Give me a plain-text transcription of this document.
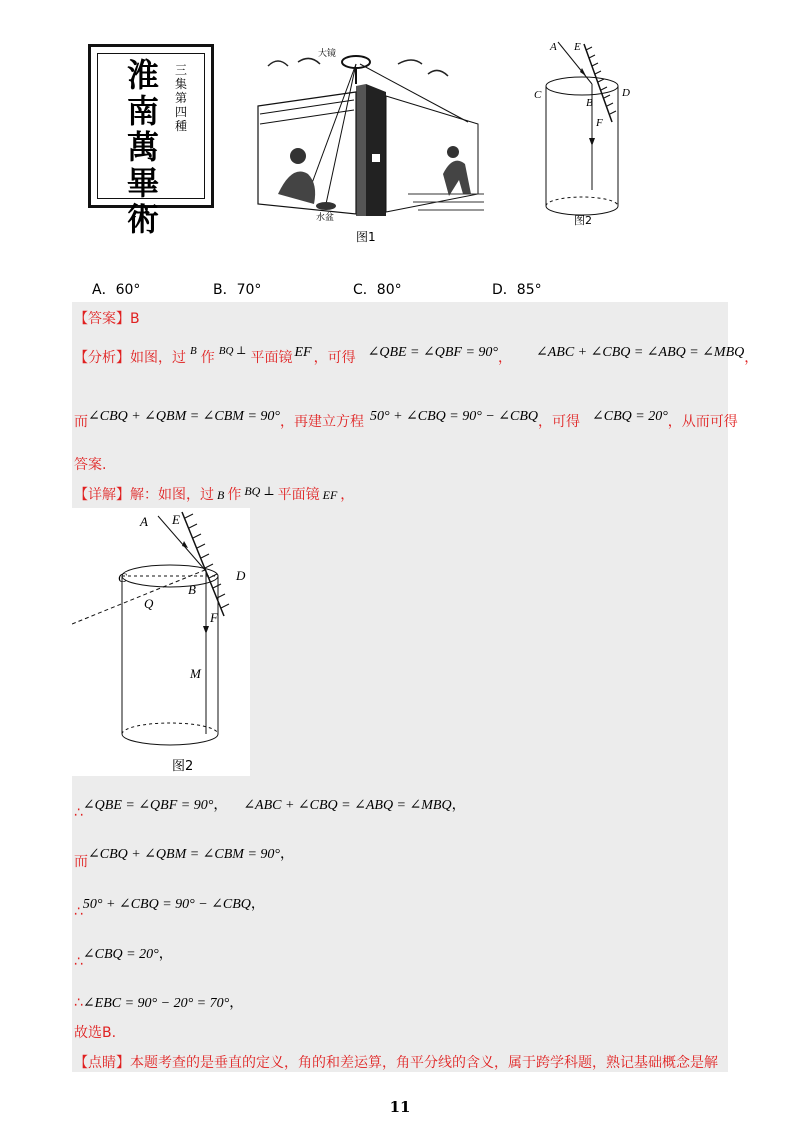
淮南萬畢術
三集第四種
大镜
水盆
图1
A E
C	D
B
F
图2
A．60°	B．70°	C．80°	D．85°
【答案】B
【分析】如图，过 $^B$ 作 $^{BQ \perp}$ 平面镜 EF ，可得 ∠QBE = ∠QBF = 90°， ∠ABC + ∠CBQ = ∠ABQ = ∠MBQ，
而∠CBQ + ∠QBM = ∠CBM = 90°，再建立方程 50° + ∠CBQ = 90° − ∠CBQ，可得 ∠CBQ = 20°，从而可得
答案.
【详解】解：如图，过 B 作 $^{BQ \perp}$ 平面镜 EF ，
A E
C	D
B
Q
F
M
图2
∴∠QBE = ∠QBF = 90°， ∠ABC + ∠CBQ = ∠ABQ = ∠MBQ，
而∠CBQ + ∠QBM = ∠CBM = 90°，
∴50° + ∠CBQ = 90° − ∠CBQ，
∴∠CBQ = 20°，
∴∠EBC = 90° − 20° = 70°，
故选B.
【点睛】本题考查的是垂直的定义，角的和差运算，角平分线的含义，属于跨学科题，熟记基础概念是解
11
